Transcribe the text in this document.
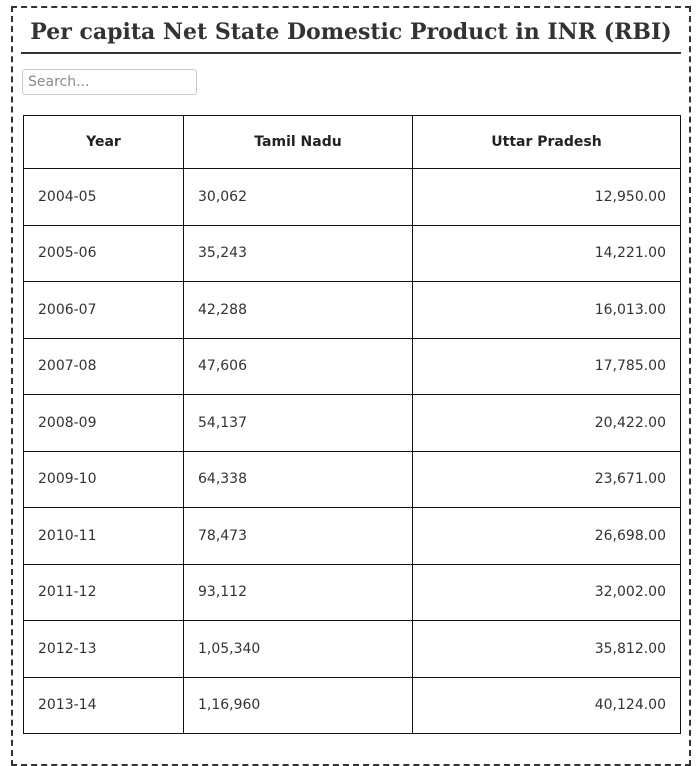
Per capita Net State Domestic Product in INR (RBI)
Search...
Year	Tamil Nadu	Uttar Pradesh
2004-05	30,062	12,950.00
2005-06	35,243	14,221.00
2006-07	42,288	16,013.00
2007-08	47,606	17,785.00
2008-09	54,137	20,422.00
2009-10	64,338	23,671.00
2010-11	78,473	26,698.00
2011-12	93,112	32,002.00
2012-13	1,05,340	35,812.00
2013-14	1,16,960	40,124.00
